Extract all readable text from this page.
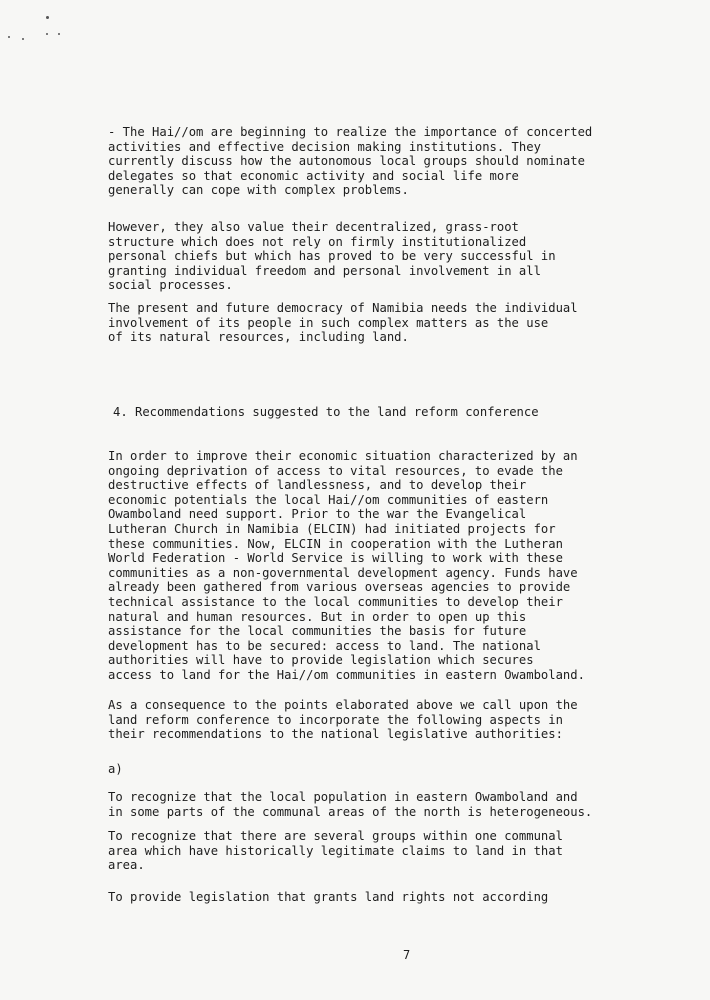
- The Hai//om are beginning to realize the importance of concerted
activities and effective decision making institutions. They
currently discuss how the autonomous local groups should nominate
delegates so that economic activity and social life more
generally can cope with complex problems.

However, they also value their decentralized, grass-root
structure which does not rely on firmly institutionalized
personal chiefs but which has proved to be very successful in
granting individual freedom and personal involvement in all
social processes.

The present and future democracy of Namibia needs the individual
involvement of its people in such complex matters as the use
of its natural resources, including land.

4. Recommendations suggested to the land reform conference

In order to improve their economic situation characterized by an
ongoing deprivation of access to vital resources, to evade the
destructive effects of landlessness, and to develop their
economic potentials the local Hai//om communities of eastern
Owamboland need support. Prior to the war the Evangelical
Lutheran Church in Namibia (ELCIN) had initiated projects for
these communities. Now, ELCIN in cooperation with the Lutheran
World Federation - World Service is willing to work with these
communities as a non-governmental development agency. Funds have
already been gathered from various overseas agencies to provide
technical assistance to the local communities to develop their
natural and human resources. But in order to open up this
assistance for the local communities the basis for future
development has to be secured: access to land. The national
authorities will have to provide legislation which secures
access to land for the Hai//om communities in eastern Owamboland.

As a consequence to the points elaborated above we call upon the
land reform conference to incorporate the following aspects in
their recommendations to the national legislative authorities:

a)

To recognize that the local population in eastern Owamboland and
in some parts of the communal areas of the north is heterogeneous.

To recognize that there are several groups within one communal
area which have historically legitimate claims to land in that
area.

To provide legislation that grants land rights not according

7
